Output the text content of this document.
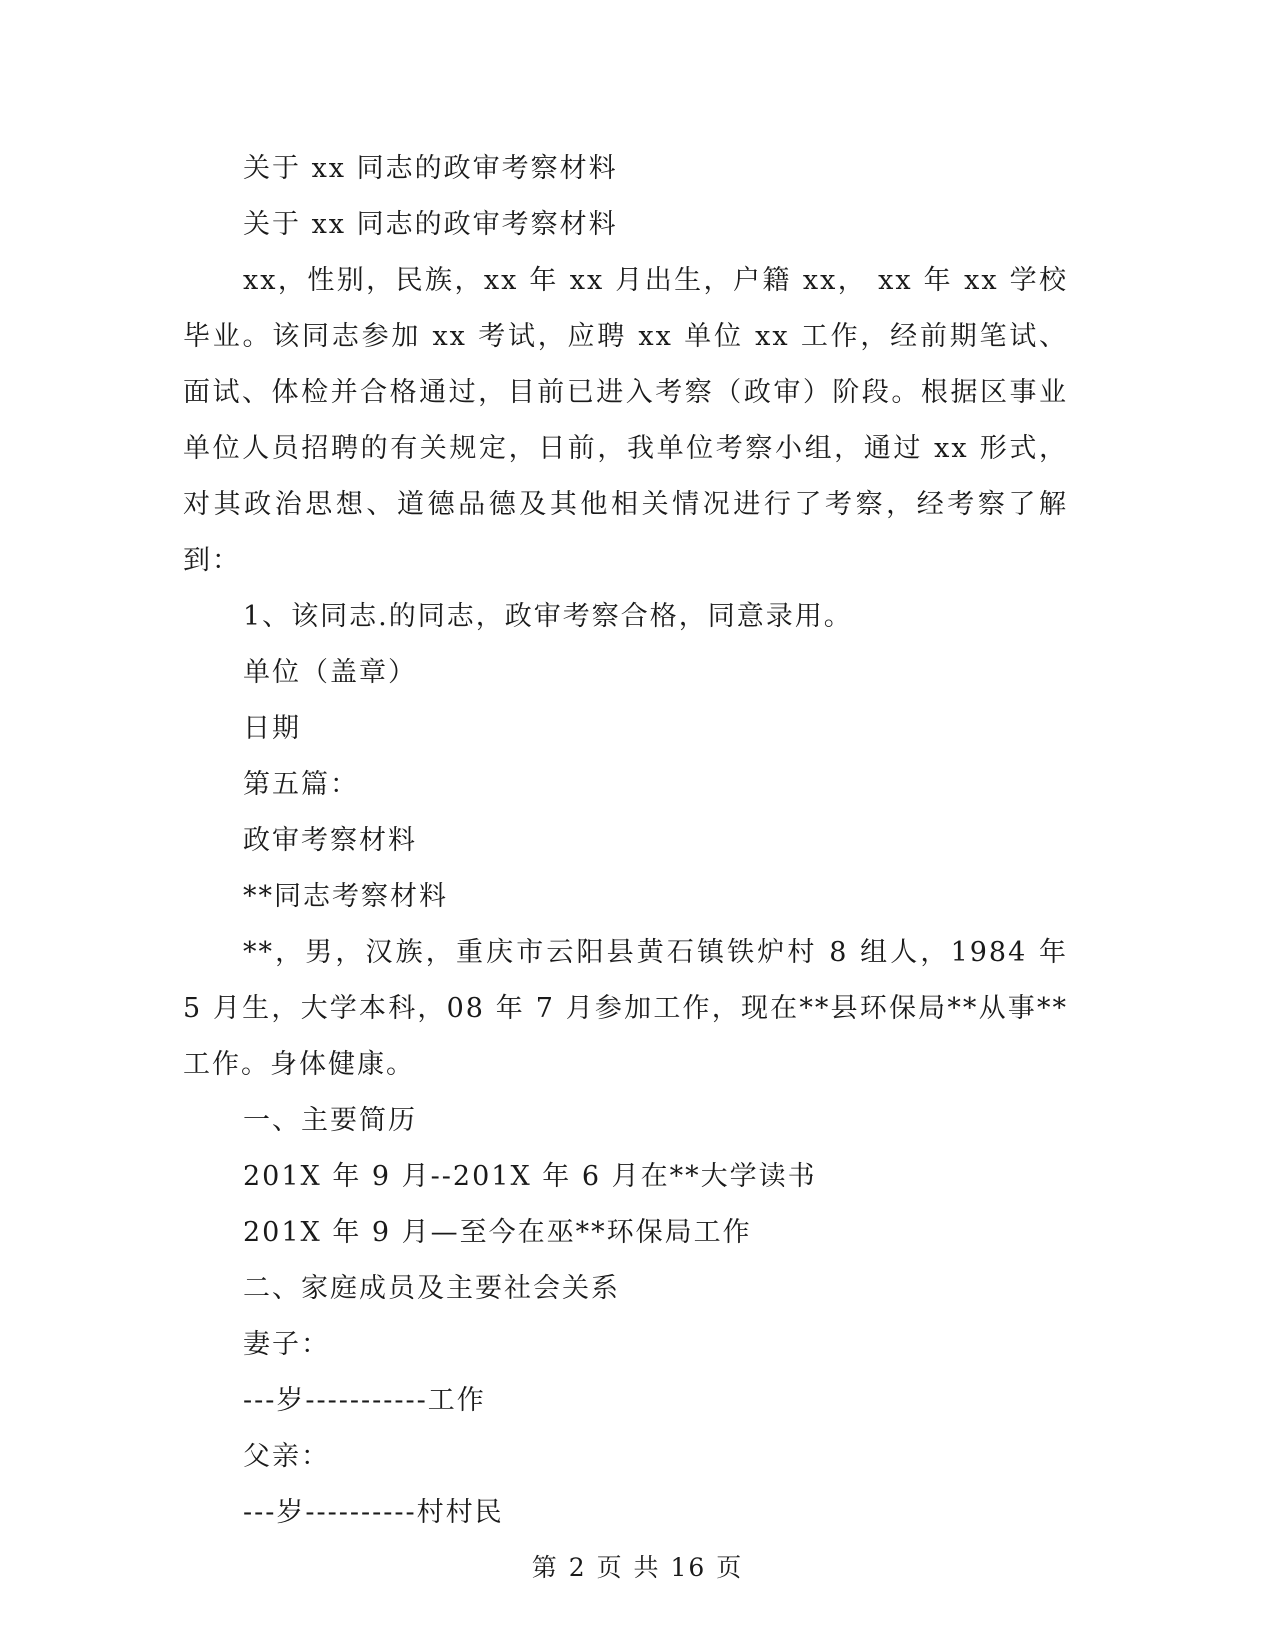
关于 xx 同志的政审考察材料
关于 xx 同志的政审考察材料

xx，性别，民族，xx 年 xx 月出生，户籍 xx， xx 年 xx 学校毕业。该同志参加 xx 考试，应聘 xx 单位 xx 工作，经前期笔试、面试、体检并合格通过，目前已进入考察（政审）阶段。根据区事业单位人员招聘的有关规定，日前，我单位考察小组，通过 xx 形式，对其政治思想、道德品德及其他相关情况进行了考察，经考察了解到：

1、该同志.的同志，政审考察合格，同意录用。
单位（盖章）
日期
第五篇：
政审考察材料
**同志考察材料

**，男，汉族，重庆市云阳县黄石镇铁炉村 8 组人，1984 年 5 月生，大学本科，08 年 7 月参加工作，现在**县环保局**从事**工作。身体健康。

一、主要简历
201X 年 9 月--201X 年 6 月在**大学读书
201X 年 9 月—至今在巫**环保局工作
二、家庭成员及主要社会关系
妻子：
---岁-----------工作
父亲：
---岁----------村村民
第 2 页 共 16 页
